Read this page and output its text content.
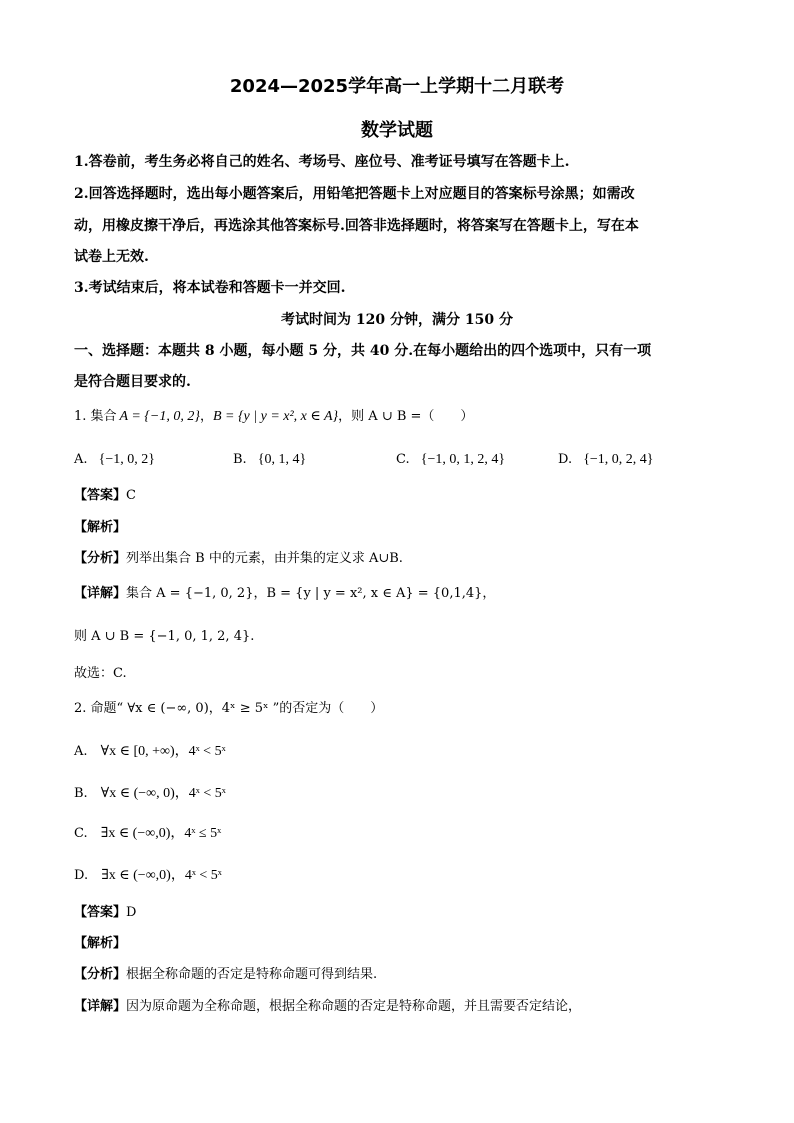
2024—2025学年高一上学期十二月联考
数学试题
1.答卷前，考生务必将自己的姓名、考场号、座位号、准考证号填写在答题卡上.
2.回答选择题时，选出每小题答案后，用铅笔把答题卡上对应题目的答案标号涂黑；如需改
动，用橡皮擦干净后，再选涂其他答案标号.回答非选择题时，将答案写在答题卡上，写在本
试卷上无效.
3.考试结束后，将本试卷和答题卡一并交回.
考试时间为 120 分钟，满分 150 分
一、选择题：本题共 8 小题，每小题 5 分，共 40 分.在每小题给出的四个选项中，只有一项
是符合题目要求的.
1. 集合 A = {−1, 0, 2} ， B = {y | y = x², x ∈ A} ，则 A ∪ B =（　　）
A. {−1, 0, 2}	B. {0, 1, 4}	C. {−1, 0, 1, 2, 4}	D. {−1, 0, 2, 4}
【答案】C
【解析】
【分析】列举出集合 B 中的元素，由并集的定义求 A∪B.
【详解】集合 A = {−1, 0, 2}，B = {y | y = x², x ∈ A} = {0,1,4}，
则 A ∪ B = {−1, 0, 1, 2, 4}.
故选：C.
2. 命题“ ∀x ∈ (−∞, 0)，4ˣ ≥ 5ˣ ”的否定为（　　）
A. ∀x ∈ [0, +∞)，4ˣ < 5ˣ
B. ∀x ∈ (−∞, 0)，4ˣ < 5ˣ
C. ∃x ∈ (−∞,0)，4ˣ ≤ 5ˣ
D. ∃x ∈ (−∞,0)，4ˣ < 5ˣ
【答案】D
【解析】
【分析】根据全称命题的否定是特称命题可得到结果.
【详解】因为原命题为全称命题，根据全称命题的否定是特称命题，并且需要否定结论，
